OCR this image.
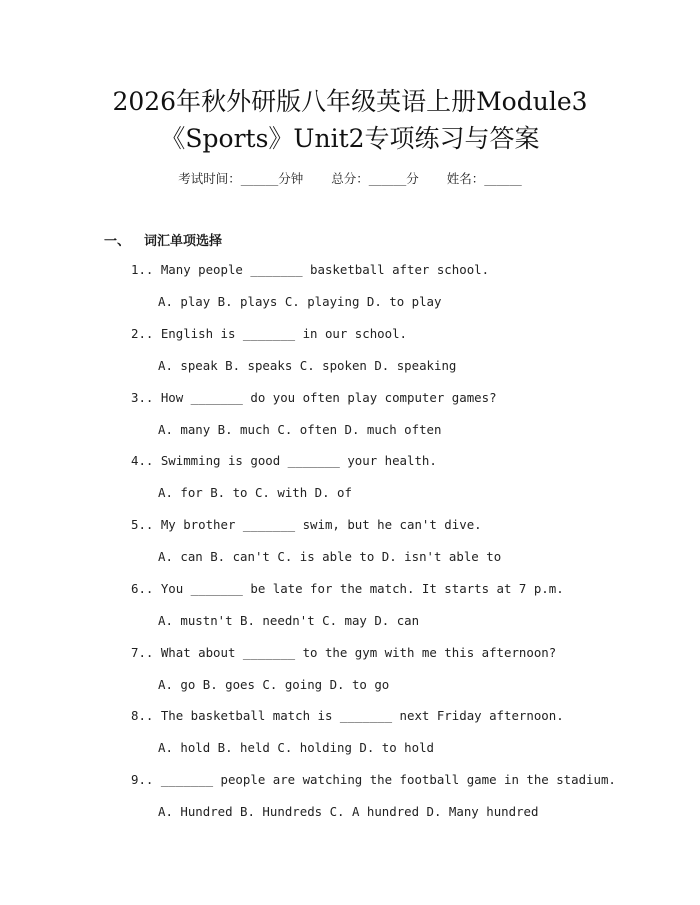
2026年秋外研版八年级英语上册Module3
《Sports》Unit2专项练习与答案
考试时间：______分钟 总分：______分 姓名：______
一、 词汇单项选择
1.. Many people _______ basketball after school.
A. play B. plays C. playing D. to play
2.. English is _______ in our school.
A. speak B. speaks C. spoken D. speaking
3.. How _______ do you often play computer games?
A. many B. much C. often D. much often
4.. Swimming is good _______ your health.
A. for B. to C. with D. of
5.. My brother _______ swim, but he can't dive.
A. can B. can't C. is able to D. isn't able to
6.. You _______ be late for the match. It starts at 7 p.m.
A. mustn't B. needn't C. may D. can
7.. What about _______ to the gym with me this afternoon?
A. go B. goes C. going D. to go
8.. The basketball match is _______ next Friday afternoon.
A. hold B. held C. holding D. to hold
9.. _______ people are watching the football game in the stadium.
A. Hundred B. Hundreds C. A hundred D. Many hundred
